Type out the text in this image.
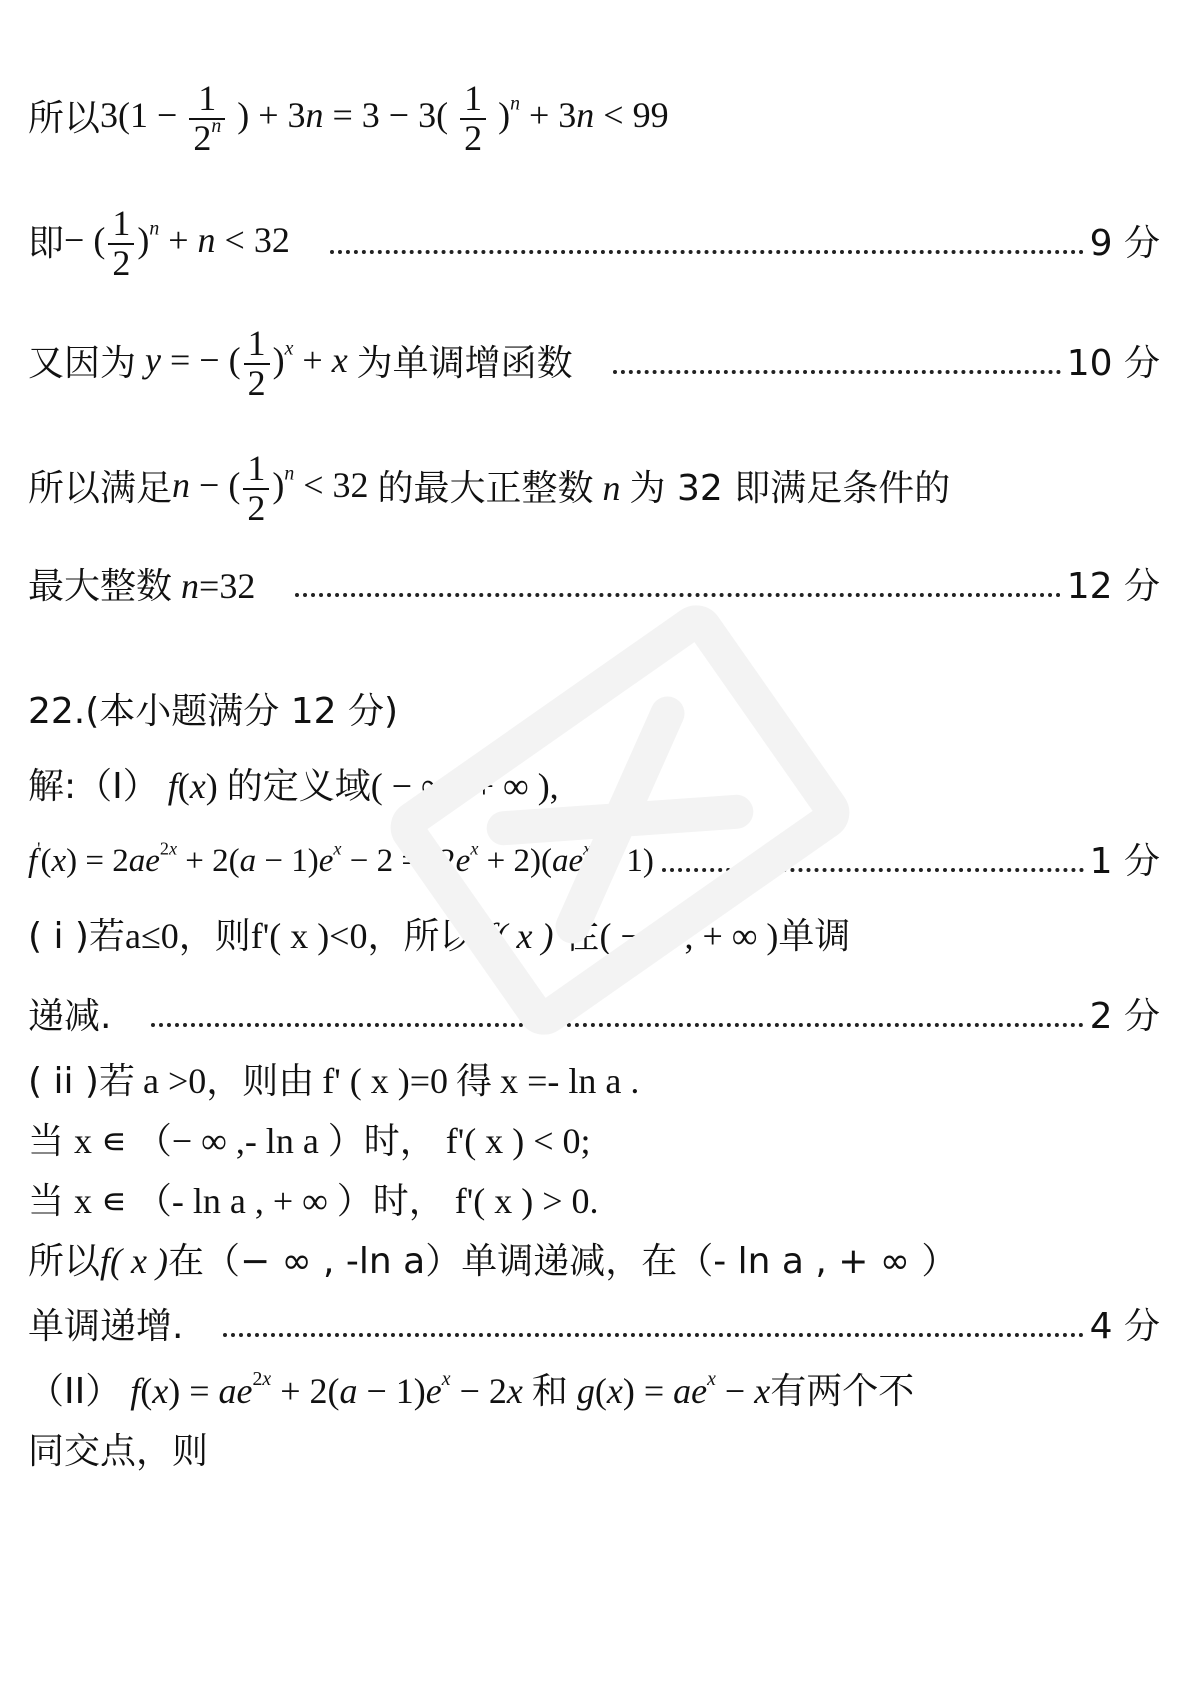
所以 $3(1 - \frac{1}{2^n}$ ) + $3n = 3 - 3( \frac{1}{2} )^n + 3n < 99$
即 − ( $\frac{1}{2} )^n + n < 32$	9 分
又因为 y = − ( $\frac{1}{2} )^x + x$ 为单调增函数	10 分
所以满足 n − ( $\frac{1}{2} )^n < 32$ 的最大正整数 n 为 32 即满足条件的
最大整数 n =32	12 分
22.(本小题满分 12 分)
解:（I） f(x) 的定义域 ( − ∞ , + ∞ ),
$f'(x) = 2ae^{2x} + 2(a - 1)e^x - 2 = (2e^x + 2)(ae^x - 1)$	1 分
( i )若 a≤0，则 f'( x )<0，所以 f( x ) 在 ( − ∞ , + ∞ ) 单调
递减.	2 分
( ii )若 a >0，则由 f' ( x )=0 得 x =- ln a .
当 x ∊ （− ∞ ,- ln a ）时， f'( x ) < 0;
当 x ∊ （- ln a , + ∞ ）时， f'( x ) > 0.
所以 f( x ) 在（− ∞ , -ln a）单调递减，在（- ln a , + ∞ ）
单调递增.	4 分
（II） $f(x) = ae^{2x} + 2(a - 1)e^x - 2x$ 和 $g(x) = ae^x - x$ 有两个不
同交点，则
